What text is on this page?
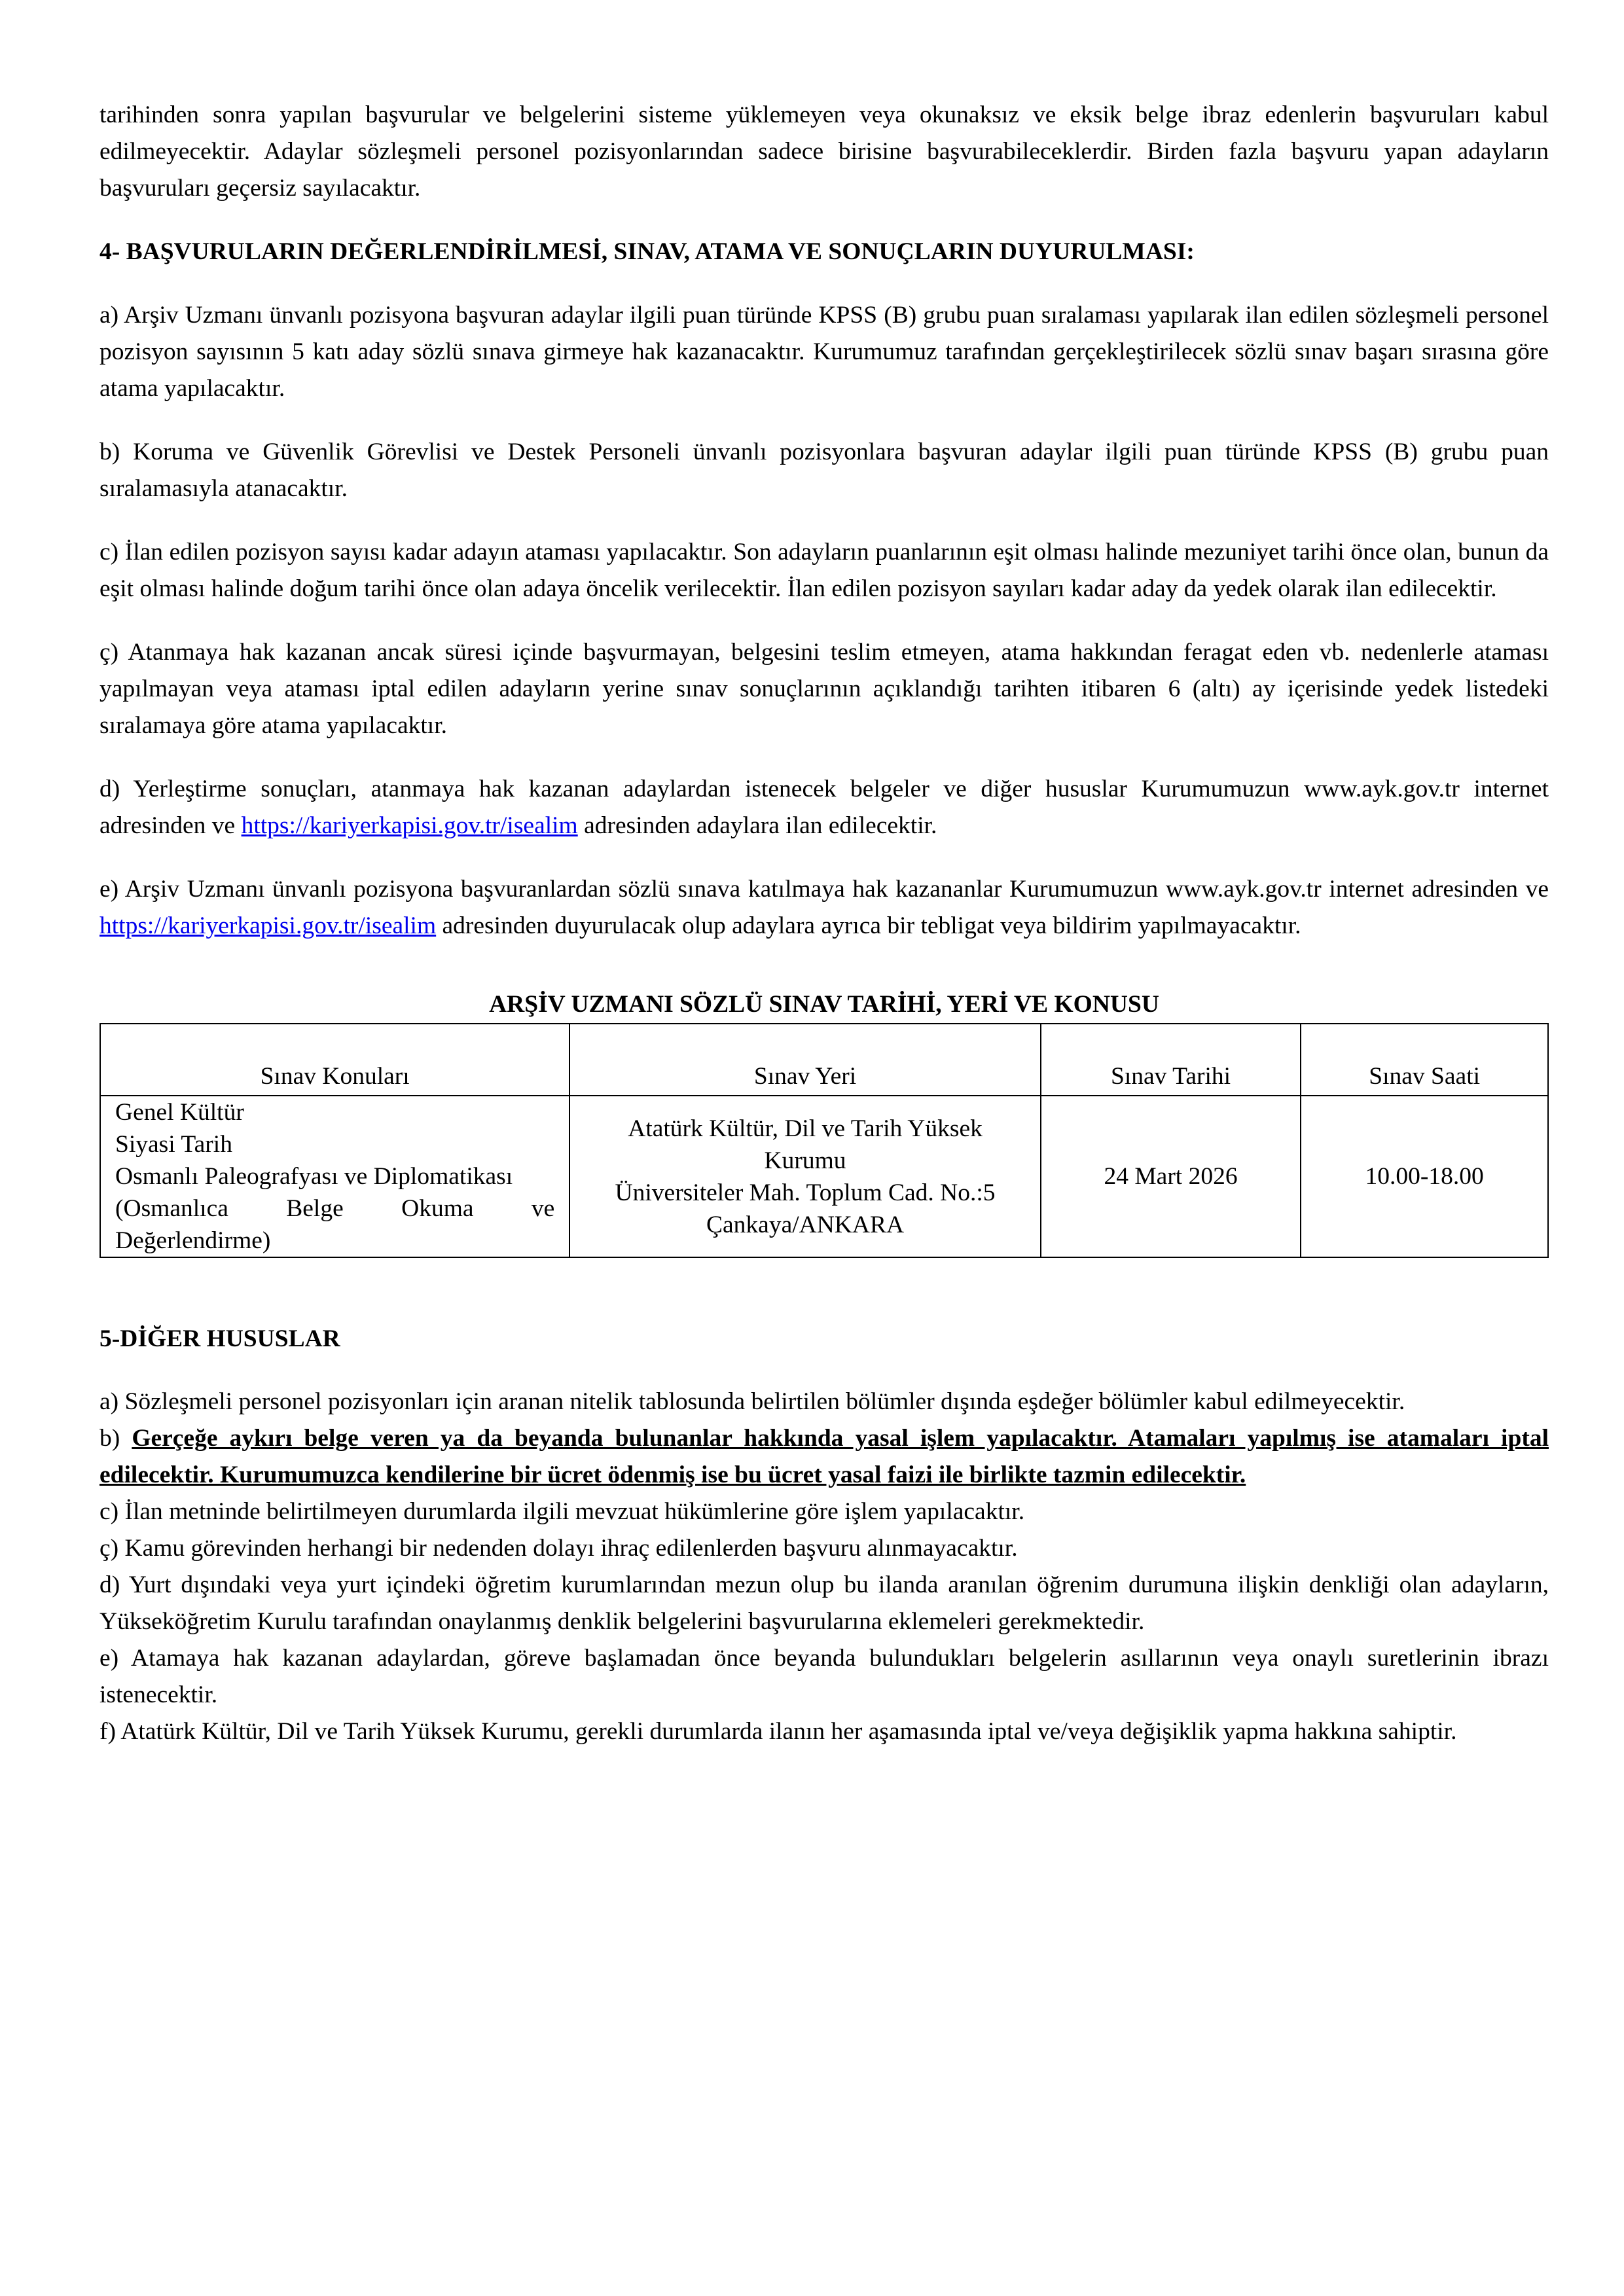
tarihinden sonra yapılan başvurular ve belgelerini sisteme yüklemeyen veya okunaksız ve eksik belge ibraz edenlerin başvuruları kabul edilmeyecektir. Adaylar sözleşmeli personel pozisyonlarından sadece birisine başvurabileceklerdir. Birden fazla başvuru yapan adayların başvuruları geçersiz sayılacaktır.

4- BAŞVURULARIN DEĞERLENDİRİLMESİ, SINAV, ATAMA VE SONUÇLARIN DUYURULMASI:

a) Arşiv Uzmanı ünvanlı pozisyona başvuran adaylar ilgili puan türünde KPSS (B) grubu puan sıralaması yapılarak ilan edilen sözleşmeli personel pozisyon sayısının 5 katı aday sözlü sınava girmeye hak kazanacaktır. Kurumumuz tarafından gerçekleştirilecek sözlü sınav başarı sırasına göre atama yapılacaktır.

b) Koruma ve Güvenlik Görevlisi ve Destek Personeli ünvanlı pozisyonlara başvuran adaylar ilgili puan türünde KPSS (B) grubu puan sıralamasıyla atanacaktır.

c) İlan edilen pozisyon sayısı kadar adayın ataması yapılacaktır. Son adayların puanlarının eşit olması halinde mezuniyet tarihi önce olan, bunun da eşit olması halinde doğum tarihi önce olan adaya öncelik verilecektir. İlan edilen pozisyon sayıları kadar aday da yedek olarak ilan edilecektir.

ç) Atanmaya hak kazanan ancak süresi içinde başvurmayan, belgesini teslim etmeyen, atama hakkından feragat eden vb. nedenlerle ataması yapılmayan veya ataması iptal edilen adayların yerine sınav sonuçlarının açıklandığı tarihten itibaren 6 (altı) ay içerisinde yedek listedeki sıralamaya göre atama yapılacaktır.

d) Yerleştirme sonuçları, atanmaya hak kazanan adaylardan istenecek belgeler ve diğer hususlar Kurumumuzun www.ayk.gov.tr internet adresinden ve https://kariyerkapisi.gov.tr/isealim adresinden adaylara ilan edilecektir.

e) Arşiv Uzmanı ünvanlı pozisyona başvuranlardan sözlü sınava katılmaya hak kazananlar Kurumumuzun www.ayk.gov.tr internet adresinden ve https://kariyerkapisi.gov.tr/isealim adresinden duyurulacak olup adaylara ayrıca bir tebligat veya bildirim yapılmayacaktır.

ARŞİV UZMANI SÖZLÜ SINAV TARİHİ, YERİ VE KONUSU

Sınav Konuları	Sınav Yeri	Sınav Tarihi	Sınav Saati

Genel Kültür
Siyasi Tarih
Osmanlı Paleografyası ve Diplomatikası
(Osmanlıca Belge Okuma ve
Değerlendirme)	Atatürk Kültür, Dil ve Tarih Yüksek Kurumu
Üniversiteler Mah. Toplum Cad. No.:5
Çankaya/ANKARA	24 Mart 2026	10.00-18.00

5-DİĞER HUSUSLAR

a) Sözleşmeli personel pozisyonları için aranan nitelik tablosunda belirtilen bölümler dışında eşdeğer bölümler kabul edilmeyecektir.

b) Gerçeğe aykırı belge veren ya da beyanda bulunanlar hakkında yasal işlem yapılacaktır. Atamaları yapılmış ise atamaları iptal edilecektir. Kurumumuzca kendilerine bir ücret ödenmiş ise bu ücret yasal faizi ile birlikte tazmin edilecektir.

c) İlan metninde belirtilmeyen durumlarda ilgili mevzuat hükümlerine göre işlem yapılacaktır.

ç) Kamu görevinden herhangi bir nedenden dolayı ihraç edilenlerden başvuru alınmayacaktır.

d) Yurt dışındaki veya yurt içindeki öğretim kurumlarından mezun olup bu ilanda aranılan öğrenim durumuna ilişkin denkliği olan adayların, Yükseköğretim Kurulu tarafından onaylanmış denklik belgelerini başvurularına eklemeleri gerekmektedir.

e) Atamaya hak kazanan adaylardan, göreve başlamadan önce beyanda bulundukları belgelerin asıllarının veya onaylı suretlerinin ibrazı istenecektir.

f) Atatürk Kültür, Dil ve Tarih Yüksek Kurumu, gerekli durumlarda ilanın her aşamasında iptal ve/veya değişiklik yapma hakkına sahiptir.
